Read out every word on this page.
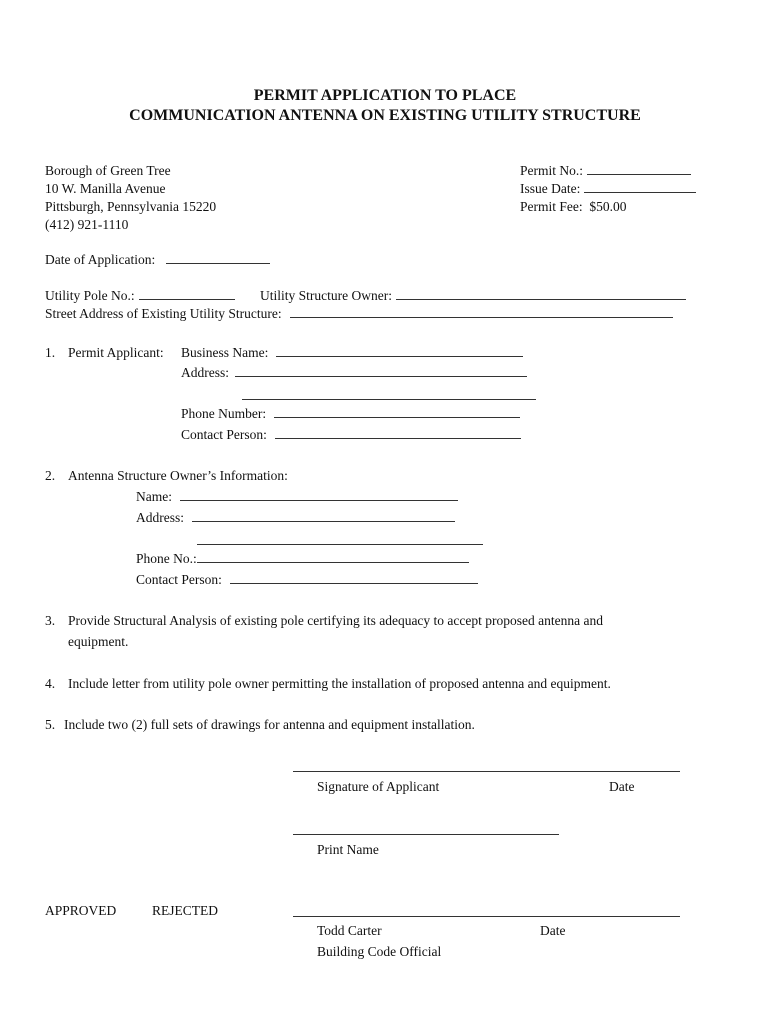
PERMIT APPLICATION TO PLACE
COMMUNICATION ANTENNA ON EXISTING UTILITY STRUCTURE
Borough of Green Tree
10 W. Manilla Avenue
Pittsburgh, Pennsylvania 15220
(412) 921-1110
Permit No.:
Issue Date:
Permit Fee: $50.00
Date of Application:
Utility Pole No.:	Utility Structure Owner:
Street Address of Existing Utility Structure:
1. Permit Applicant: Business Name:
Address:
Phone Number:
Contact Person:
2. Antenna Structure Owner’s Information:
Name:
Address:
Phone No.:
Contact Person:
3. Provide Structural Analysis of existing pole certifying its adequacy to accept proposed antenna and
equipment.
4. Include letter from utility pole owner permitting the installation of proposed antenna and equipment.
5. Include two (2) full sets of drawings for antenna and equipment installation.
Signature of Applicant	Date
Print Name
APPROVED	REJECTED
Todd Carter	Date
Building Code Official
